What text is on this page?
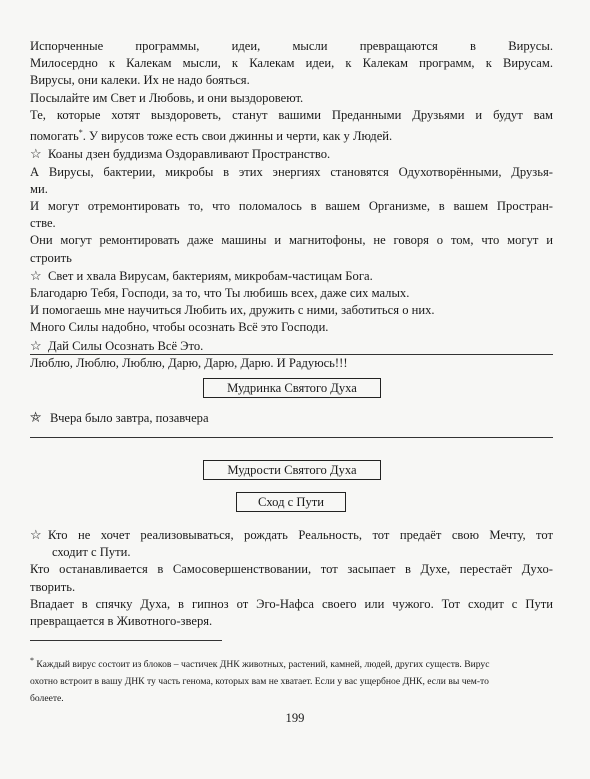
Испорченные программы, идеи, мысли превращаются в Вирусы.

Милосердно к Калекам мысли, к Калекам идеи, к Калекам программ, к Вирусам.

Вирусы, они калеки. Их не надо бояться.

Посылайте им Свет и Любовь, и они выздоровеют.

Те, которые хотят выздороветь, станут вашими Преданными Друзьями и будут вам

помогать*. У вирусов тоже есть свои джинны и черти, как у Людей.

☆ Коаны дзен буддизма Оздоравливают Пространство.

А Вирусы, бактерии, микробы в этих энергиях становятся Одухотворёнными, Друзья-

ми.

И могут отремонтировать то, что поломалось в вашем Организме, в вашем Простран-

стве.

Они могут ремонтировать даже машины и магнитофоны, не говоря о том, что могут и

строить

☆ Свет и хвала Вирусам, бактериям, микробам-частицам Бога.

Благодарю Тебя, Господи, за то, что Ты любишь всех, даже сих малых.

И помогаешь мне научиться Любить их, дружить с ними, заботиться о них.

Много Силы надобно, чтобы осознать Всё это Господи.

☆ Дай Силы Осознать Всё Это.

Люблю, Люблю, Люблю, Дарю, Дарю, Дарю. И Радуюсь!!!

Мудринка Святого Духа

⛤ Вчера было завтра, позавчера

Мудрости Святого Духа
Сход с Пути

☆ Кто не хочет реализовываться, рождать Реальность, тот предаёт свою Мечту, тот

сходит с Пути.

Кто останавливается в Самосовершенствовании, тот засыпает в Духе, перестаёт Духо-

творить.

Впадает в спячку Духа, в гипноз от Эго-Нафса своего или чужого. Тот сходит с Пути

превращается в Животного-зверя.

* Каждый вирус состоит из блоков – частичек ДНК животных, растений, камней, людей, других существ. Вирус

охотно встроит в вашу ДНК ту часть генома, которых вам не хватает. Если у вас ущербное ДНК, если вы чем-то

болеете.

199
